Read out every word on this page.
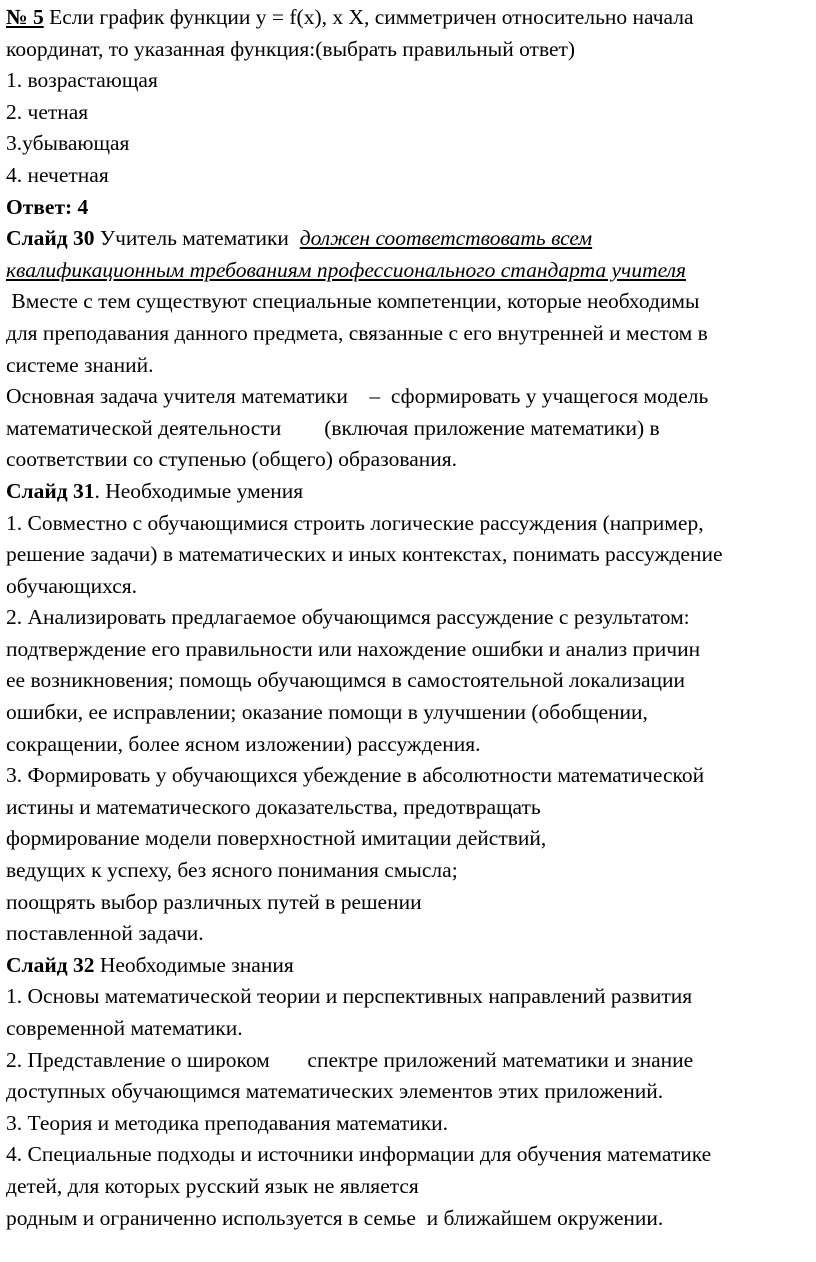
№ 5 Если график функции y = f(x), x X, симметричен относительно начала
координат, то указанная функция:(выбрать правильный ответ)
1. возрастающая
2. четная
3.убывающая
4. нечетная
Ответ: 4
Слайд 30 Учитель математики  должен соответствовать всем
квалификационным требованиям профессионального стандарта учителя
Вместе с тем существуют специальные компетенции, которые необходимы
для преподавания данного предмета, связанные с его внутренней и местом в
системе знаний.
Основная задача учителя математики    –  сформировать у учащегося модель
математической деятельности        (включая приложение математики) в
соответствии со ступенью (общего) образования.
Слайд 31. Необходимые умения
1. Совместно с обучающимися строить логические рассуждения (например,
решение задачи) в математических и иных контекстах, понимать рассуждение
обучающихся.
2. Анализировать предлагаемое обучающимся рассуждение с результатом:
подтверждение его правильности или нахождение ошибки и анализ причин
ее возникновения; помощь обучающимся в самостоятельной локализации
ошибки, ее исправлении; оказание помощи в улучшении (обобщении,
сокращении, более ясном изложении) рассуждения.
3. Формировать у обучающихся убеждение в абсолютности математической
истины и математического доказательства, предотвращать
формирование модели поверхностной имитации действий,
ведущих к успеху, без ясного понимания смысла;
поощрять выбор различных путей в решении
поставленной задачи.
Слайд 32 Необходимые знания
1. Основы математической теории и перспективных направлений развития
современной математики.
2. Представление о широком       спектре приложений математики и знание
доступных обучающимся математических элементов этих приложений.
3. Теория и методика преподавания математики.
4. Специальные подходы и источники информации для обучения математике
детей, для которых русский язык не является
родным и ограниченно используется в семье  и ближайшем окружении.
